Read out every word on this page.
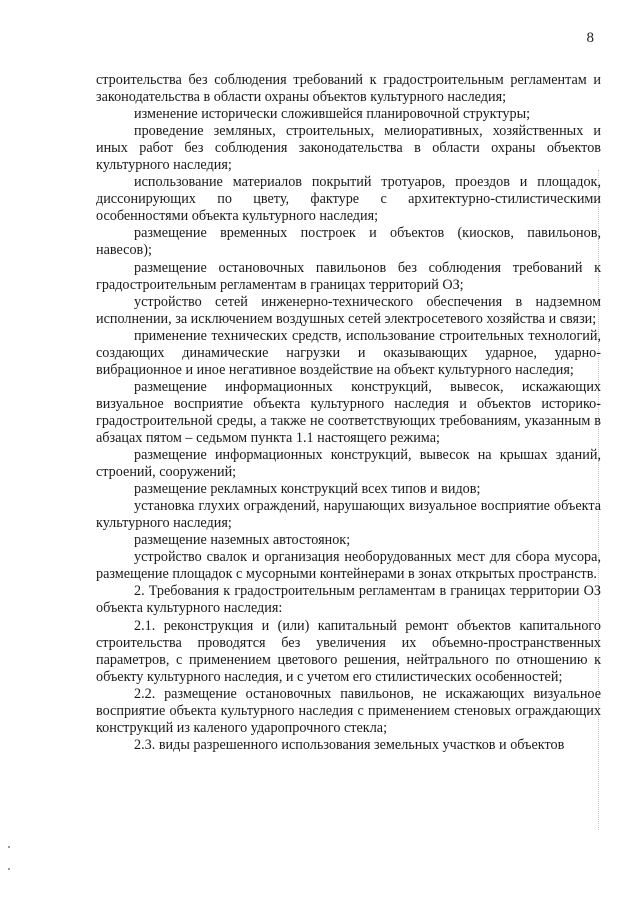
8

строительства без соблюдения требований к градостроительным регламентам и законодательства в области охраны объектов культурного наследия;

изменение исторически сложившейся планировочной структуры;

проведение земляных, строительных, мелиоративных, хозяйственных и иных работ без соблюдения законодательства в области охраны объектов культурного наследия;

использование материалов покрытий тротуаров, проездов и площадок, диссонирующих по цвету, фактуре с архитектурно-стилистическими особенностями объекта культурного наследия;

размещение временных построек и объектов (киосков, павильонов, навесов);

размещение остановочных павильонов без соблюдения требований к градостроительным регламентам в границах территорий ОЗ;

устройство сетей инженерно-технического обеспечения в надземном исполнении, за исключением воздушных сетей электросетевого хозяйства и связи;

применение технических средств, использование строительных технологий, создающих динамические нагрузки и оказывающих ударное, ударно-вибрационное и иное негативное воздействие на объект культурного наследия;

размещение информационных конструкций, вывесок, искажающих визуальное восприятие объекта культурного наследия и объектов историко-градостроительной среды, а также не соответствующих требованиям, указанным в абзацах пятом – седьмом пункта 1.1 настоящего режима;

размещение информационных конструкций, вывесок на крышах зданий, строений, сооружений;

размещение рекламных конструкций всех типов и видов;

установка глухих ограждений, нарушающих визуальное восприятие объекта культурного наследия;

размещение наземных автостоянок;

устройство свалок и организация необорудованных мест для сбора мусора, размещение площадок с мусорными контейнерами в зонах открытых пространств.

2. Требования к градостроительным регламентам в границах территории ОЗ объекта культурного наследия:

2.1. реконструкция и (или) капитальный ремонт объектов капитального строительства проводятся без увеличения их объемно-пространственных параметров, с применением цветового решения, нейтрального по отношению к объекту культурного наследия, и с учетом его стилистических особенностей;

2.2. размещение остановочных павильонов, не искажающих визуальное восприятие объекта культурного наследия с применением стеновых ограждающих конструкций из каленого ударопрочного стекла;

2.3. виды разрешенного использования земельных участков и объектов
